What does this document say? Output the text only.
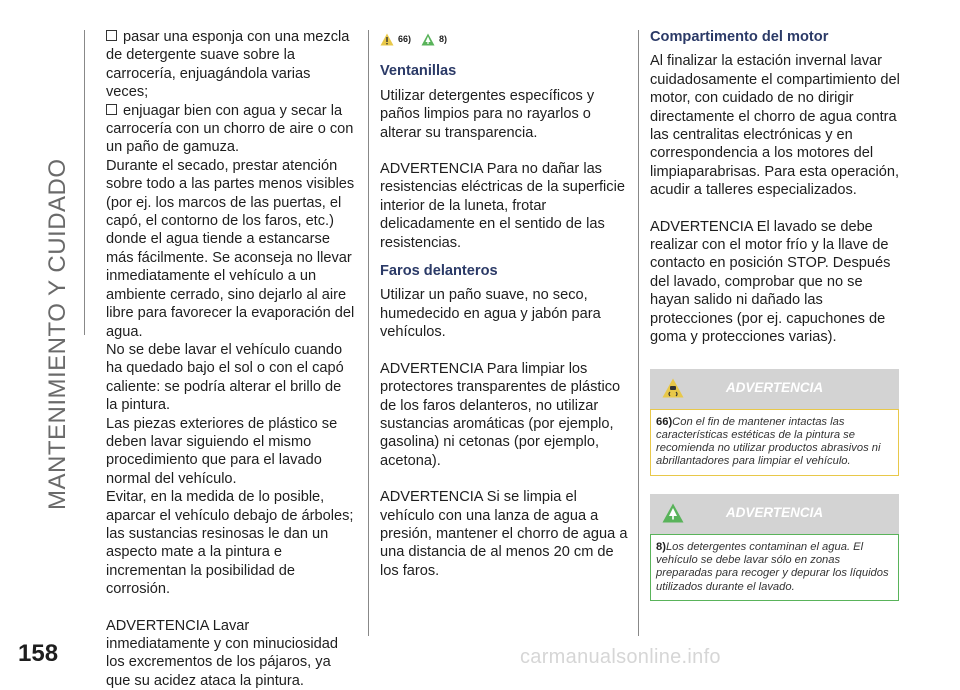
MANTENIMIENTO Y CUIDADO
158

pasar una esponja con una mezcla de detergente suave sobre la carrocería, enjuagándola varias veces;

enjuagar bien con agua y secar la carrocería con un chorro de aire o con un paño de gamuza.

Durante el secado, prestar atención sobre todo a las partes menos visibles (por ej. los marcos de las puertas, el capó, el contorno de los faros, etc.) donde el agua tiende a estancarse más fácilmente. Se aconseja no llevar inmediatamente el vehículo a un ambiente cerrado, sino dejarlo al aire libre para favorecer la evaporación del agua.

No se debe lavar el vehículo cuando ha quedado bajo el sol o con el capó caliente: se podría alterar el brillo de la pintura.

Las piezas exteriores de plástico se deben lavar siguiendo el mismo procedimiento que para el lavado normal del vehículo.

Evitar, en la medida de lo posible, aparcar el vehículo debajo de árboles; las sustancias resinosas le dan un aspecto mate a la pintura e incrementan la posibilidad de corrosión.

ADVERTENCIA Lavar inmediatamente y con minuciosidad los excrementos de los pájaros, ya que su acidez ataca la pintura.

66)	8)
Ventanillas

Utilizar detergentes específicos y paños limpios para no rayarlos o alterar su transparencia.

ADVERTENCIA Para no dañar las resistencias eléctricas de la superficie interior de la luneta, frotar delicadamente en el sentido de las resistencias.

Faros delanteros

Utilizar un paño suave, no seco, humedecido en agua y jabón para vehículos.

ADVERTENCIA Para limpiar los protectores transparentes de plástico de los faros delanteros, no utilizar sustancias aromáticas (por ejemplo, gasolina) ni cetonas (por ejemplo, acetona).

ADVERTENCIA Si se limpia el vehículo con una lanza de agua a presión, mantener el chorro de agua a una distancia de al menos 20 cm de los faros.

Compartimento del motor

Al finalizar la estación invernal lavar cuidadosamente el compartimiento del motor, con cuidado de no dirigir directamente el chorro de agua contra las centralitas electrónicas y en correspondencia a los motores del limpiaparabrisas. Para esta operación, acudir a talleres especializados.

ADVERTENCIA El lavado se debe realizar con el motor frío y la llave de contacto en posición STOP. Después del lavado, comprobar que no se hayan salido ni dañado las protecciones (por ej. capuchones de goma y protecciones varias).

ADVERTENCIA
66)Con el fin de mantener intactas las características estéticas de la pintura se recomienda no utilizar productos abrasivos ni abrillantadores para limpiar el vehículo.
ADVERTENCIA
8)Los detergentes contaminan el agua. El vehículo se debe lavar sólo en zonas preparadas para recoger y depurar los líquidos utilizados durante el lavado.
carmanualsonline.info
